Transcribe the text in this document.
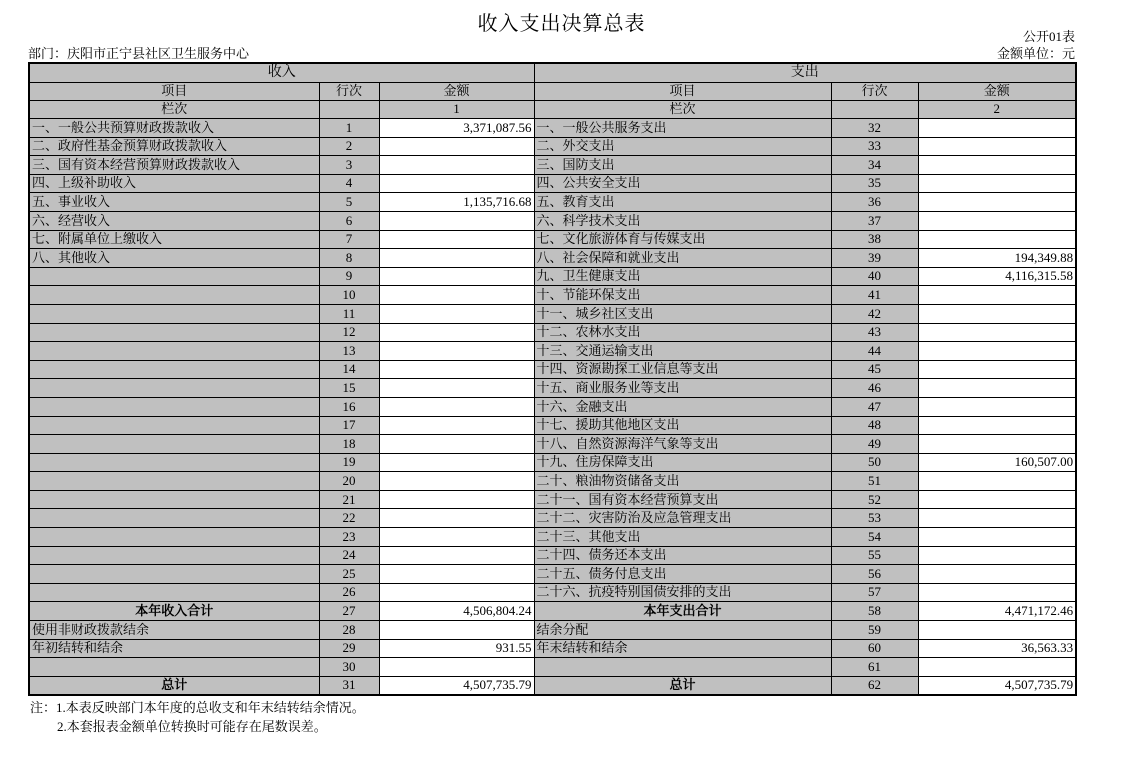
收入支出决算总表
公开01表
部门：庆阳市正宁县社区卫生服务中心	金额单位：元
收入			支出		
项目	行次	金额	项目	行次	金额
栏次		1	栏次		2
一、一般公共预算财政拨款收入	1	3,371,087.56	一、一般公共服务支出	32	
二、政府性基金预算财政拨款收入	2		二、外交支出	33	
三、国有资本经营预算财政拨款收入	3		三、国防支出	34	
四、上级补助收入	4		四、公共安全支出	35	
五、事业收入	5	1,135,716.68	五、教育支出	36	
六、经营收入	6		六、科学技术支出	37	
七、附属单位上缴收入	7		七、文化旅游体育与传媒支出	38	
八、其他收入	8		八、社会保障和就业支出	39	194,349.88
	9		九、卫生健康支出	40	4,116,315.58
	10		十、节能环保支出	41	
	11		十一、城乡社区支出	42	
	12		十二、农林水支出	43	
	13		十三、交通运输支出	44	
	14		十四、资源勘探工业信息等支出	45	
	15		十五、商业服务业等支出	46	
	16		十六、金融支出	47	
	17		十七、援助其他地区支出	48	
	18		十八、自然资源海洋气象等支出	49	
	19		十九、住房保障支出	50	160,507.00
	20		二十、粮油物资储备支出	51	
	21		二十一、国有资本经营预算支出	52	
	22		二十二、灾害防治及应急管理支出	53	
	23		二十三、其他支出	54	
	24		二十四、债务还本支出	55	
	25		二十五、债务付息支出	56	
	26		二十六、抗疫特别国债安排的支出	57	
本年收入合计	27	4,506,804.24	本年支出合计	58	4,471,172.46
使用非财政拨款结余	28		结余分配	59	
年初结转和结余	29	931.55	年末结转和结余	60	36,563.33
	30			61	
总计	31	4,507,735.79	总计	62	4,507,735.79
注：1.本表反映部门本年度的总收支和年末结转结余情况。
2.本套报表金额单位转换时可能存在尾数误差。
